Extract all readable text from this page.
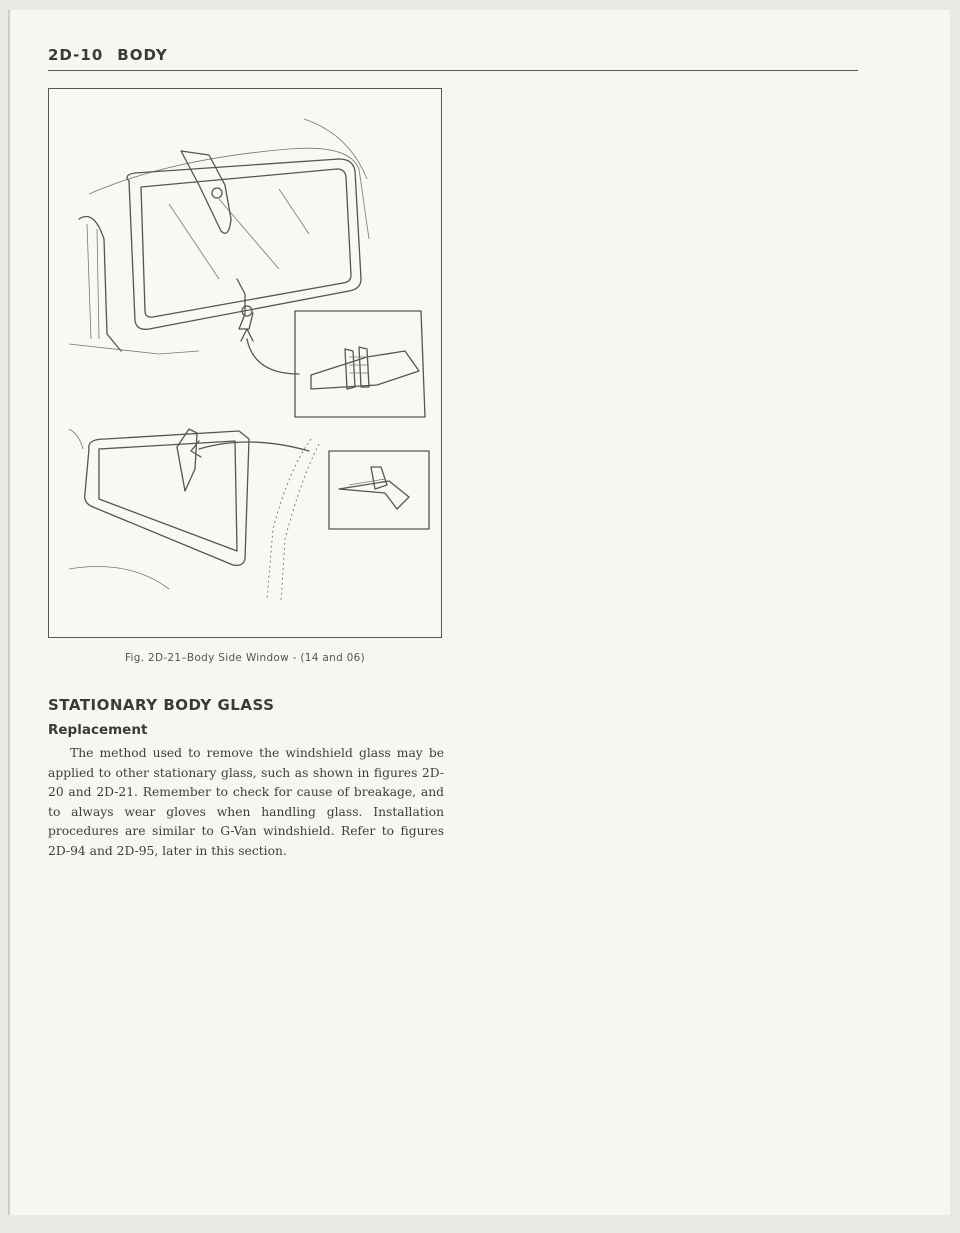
2D-10 BODY
Fig. 2D-21–Body Side Window - (14 and 06)
STATIONARY BODY GLASS
Replacement

The method used to remove the windshield glass may be applied to other stationary glass, such as shown in figures 2D-20 and 2D-21. Remember to check for cause of breakage, and to always wear gloves when handling glass. Installation procedures are similar to G-Van windshield. Refer to figures 2D-94 and 2D-95, later in this section.
